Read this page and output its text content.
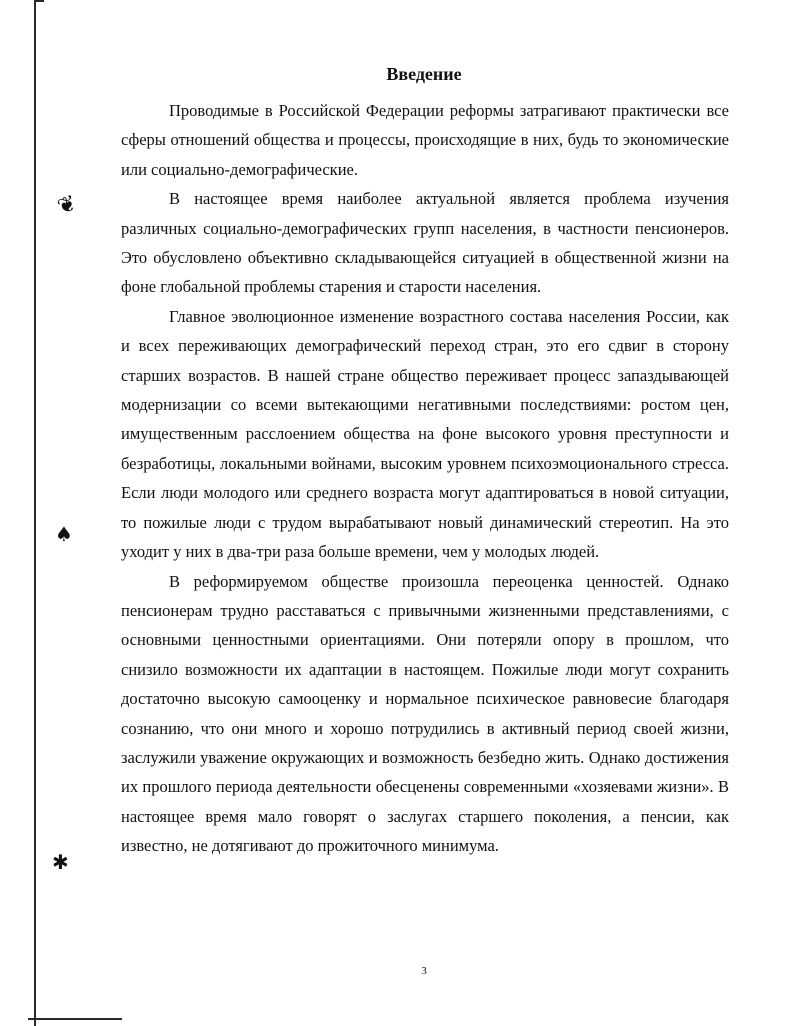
❦
♠
✱
Введение

Проводимые в Российской Федерации реформы затрагивают практически все сферы отношений общества и процессы, происходящие в них, будь то экономические или социально-демографические.

В настоящее время наиболее актуальной является проблема изучения различных социально-демографических групп населения, в частности пенсионеров. Это обусловлено объективно складывающейся ситуацией в общественной жизни на фоне глобальной проблемы старения и старости населения.

Главное эволюционное изменение возрастного состава населения России, как и всех переживающих демографический переход стран, это его сдвиг в сторону старших возрастов. В нашей стране общество переживает процесс запаздывающей модернизации со всеми вытекающими негативными последствиями: ростом цен, имущественным расслоением общества на фоне высокого уровня преступности и безработицы, локальными войнами, высоким уровнем психоэмоционального стресса. Если люди молодого или среднего возраста могут адаптироваться в новой ситуации, то пожилые люди с трудом вырабатывают новый динамический стереотип. На это уходит у них в два-три раза больше времени, чем у молодых людей.

В реформируемом обществе произошла переоценка ценностей. Однако пенсионерам трудно расставаться с привычными жизненными представлениями, с основными ценностными ориентациями. Они потеряли опору в прошлом, что снизило возможности их адаптации в настоящем. Пожилые люди могут сохранить достаточно высокую самооценку и нормальное психическое равновесие благодаря сознанию, что они много и хорошо потрудились в активный период своей жизни, заслужили уважение окружающих и возможность безбедно жить. Однако достижения их прошлого периода деятельности обесценены современными «хозяевами жизни». В настоящее время мало говорят о заслугах старшего поколения, а пенсии, как известно, не дотягивают до прожиточного минимума.

3
